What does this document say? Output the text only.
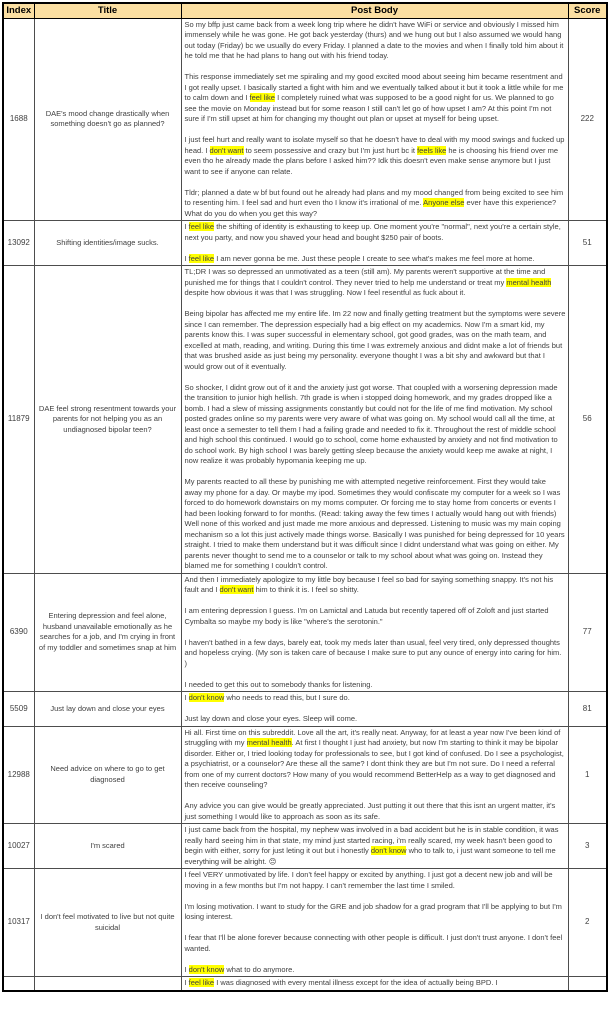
Index	Title	Post Body	Score
1688	DAE's mood change drastically when something doesn't go as planned?	So my bffp just came back from a week long trip where he didn't have WiFi or service and obviously I missed him immensely while he was gone. He got back yesterday (thurs) and we hung out but I also assumed we would hang out today (Friday) bc we usually do every Friday. I planned a date to the movies and when I finally told him about it he told me that he had plans to hang out with his friend today.

This response immediately set me spiraling and my good excited mood about seeing him became resentment and I got really upset. I basically started a fight with him and we eventually talked about it but it took a little while for me to calm down and I feel like I completely ruined what was supposed to be a good night for us. We planned to go see the movie on Monday instead but for some reason I still can't let go of how upset I am? At this point I'm not sure if I'm still upset at him for changing my thought out plan or upset at myself for being upset.

I just feel hurt and really want to isolate myself so that he doesn't have to deal with my mood swings and fucked up head. I don't want to seem possessive and crazy but I'm just hurt bc it feels like he is choosing his friend over me even tho he already made the plans before I asked him?? Idk this doesn't even make sense anymore but I just want to see if anyone can relate.

Tldr; planned a date w bf but found out he already had plans and my mood changed from being excited to see him to resenting him. I feel sad and hurt even tho I know it's irrational of me. Anyone else ever have this experience? What do you do when you get this way?	222
13092	Shifting identities/image sucks.	I feel like the shifting of identity is exhausting to keep up. One moment you're "normal", next you're a certain style, next you party, and now you shaved your head and bought $250 pair of boots.

I feel like I am never gonna be me. Just these people I create to see what's makes me feel more at home.	51
11879	DAE feel strong resentment towards your parents for not helping you as an undiagnosed bipolar teen?	TL;DR I was so depressed an unmotivated as a teen (still am). My parents weren't supportive at the time and punished me for things that I couldn't control. They never tried to help me understand or treat my mental health despite how obvious it was that I was struggling. Now I feel resentful as fuck about it.

Being bipolar has affected me my entire life. Im 22 now and finally getting treatment but the symptoms were severe since I can remember. The depression especially had a big effect on my academics. Now I'm a smart kid, my parents know this. I was super successful in elementary school, got good grades, was on the math team, and excelled at math, reading, and writing. During this time I was extremely anxious and didnt make a lot of friends but that was brushed aside as just being my personality. everyone thought I was a bit shy and awkward but that I would grow out of it eventually.

So shocker, I didnt grow out of it and the anxiety just got worse. That coupled with a worsening depression made the transition to junior high hellish. 7th grade is when i stopped doing homework, and my grades dropped like a bomb. I had a slew of missing assignments constantly but could not for the life of me find motivation. My school posted grades online so my parents were very aware of what was going on. My school would call all the time, at least once a semester to tell them I had a failing grade and needed to fix it. Throughout the rest of middle school and high school this continued. I would go to school, come home exhausted by anxiety and not find motivation to do school work. By high school I was barely getting sleep because the anxiety would keep me awake at night, I now realize it was probably hypomania keeping me up.

My parents reacted to all these by punishing me with attempted negetive reinforcement. First they would take away my phone for a day. Or maybe my ipod. Sometimes they would confiscate my computer for a week so I was forced to do homework downstairs on my moms computer. Or forcing me to stay home from concerts or events I had been looking forward to for months. (Read: taking away the few times I actually would hang out with friends) Well none of this worked and just made me more anxious and depressed. Listening to music was my main coping mechanism so a lot this just actively made things worse. Basically I was punished for being depressed for 10 years straight. I tried to make them understand but it was difficult since I didnt understand what was going on either. My parents never thought to send me to a counselor or talk to my school about what was going on. Instead they blamed me for something I couldn't control.	56
6390	Entering depression and feel alone, husband unavailable emotionally as he searches for a job, and I'm crying in front of my toddler and sometimes snap at him	And then I immediately apologize to my little boy because I feel so bad for saying something snappy. It's not his fault and I don't want him to think it is. I feel so shitty.

I am entering depression I guess. I'm on Lamictal and Latuda but recently tapered off of Zoloft and just started Cymbalta so maybe my body is like "where's the serotonin."

I haven't bathed in a few days, barely eat, took my meds later than usual, feel very tired, only depressed thoughts and hopeless crying. (My son is taken care of because I make sure to put any ounce of energy into caring for him. )

I needed to get this out to somebody thanks for listening.	77
5509	Just lay down and close your eyes	I don't know who needs to read this, but I sure do.

Just lay down and close your eyes. Sleep will come.	81
12988	Need advice on where to go to get diagnosed	Hi all. First time on this subreddit. Love all the art, it's really neat. Anyway, for at least a year now I've been kind of struggling with my mental health. At first I thought I just had anxiety, but now I'm starting to think it may be bipolar disorder. Either or, I tried looking today for professionals to see, but I got kind of confused. Do I see a psychologist, a psychiatrist, or a counselor? Are these all the same? I dont think they are but I'm not sure. Do I need a referral from one of my current doctors? How many of you would recommend BetterHelp as a way to get diagnosed and then receive counseling?

Any advice you can give would be greatly appreciated. Just putting it out there that this isnt an urgent matter, it's just something I would like to approach as soon as its safe.	1
10027	I'm scared	I just came back from the hospital, my nephew was involved in a bad accident but he is in stable condition, it was really hard seeing him in that state, my mind just started racing, i'm really scared, my week hasn't been good to begin with either, sorry for just leting it out but i honestly don't know who to talk to, i just want someone to tell me everything will be alright. 😔	3
10317	I don't feel motivated to live but not quite suicidal	I feel VERY unmotivated by life. I don't feel happy or excited by anything. I just got a decent new job and will be moving in a few months but I'm not happy. I can't remember the last time I smiled.

I'm losing motivation. I want to study for the GRE and job shadow for a grad program that I'll be applying to but I'm losing interest.

I fear that I'll be alone forever because connecting with other people is difficult. I just don't trust anyone. I don't feel wanted.

I don't know what to do anymore.	2

		I feel like I was diagnosed with every mental illness except for the idea of actually being BPD. I	
